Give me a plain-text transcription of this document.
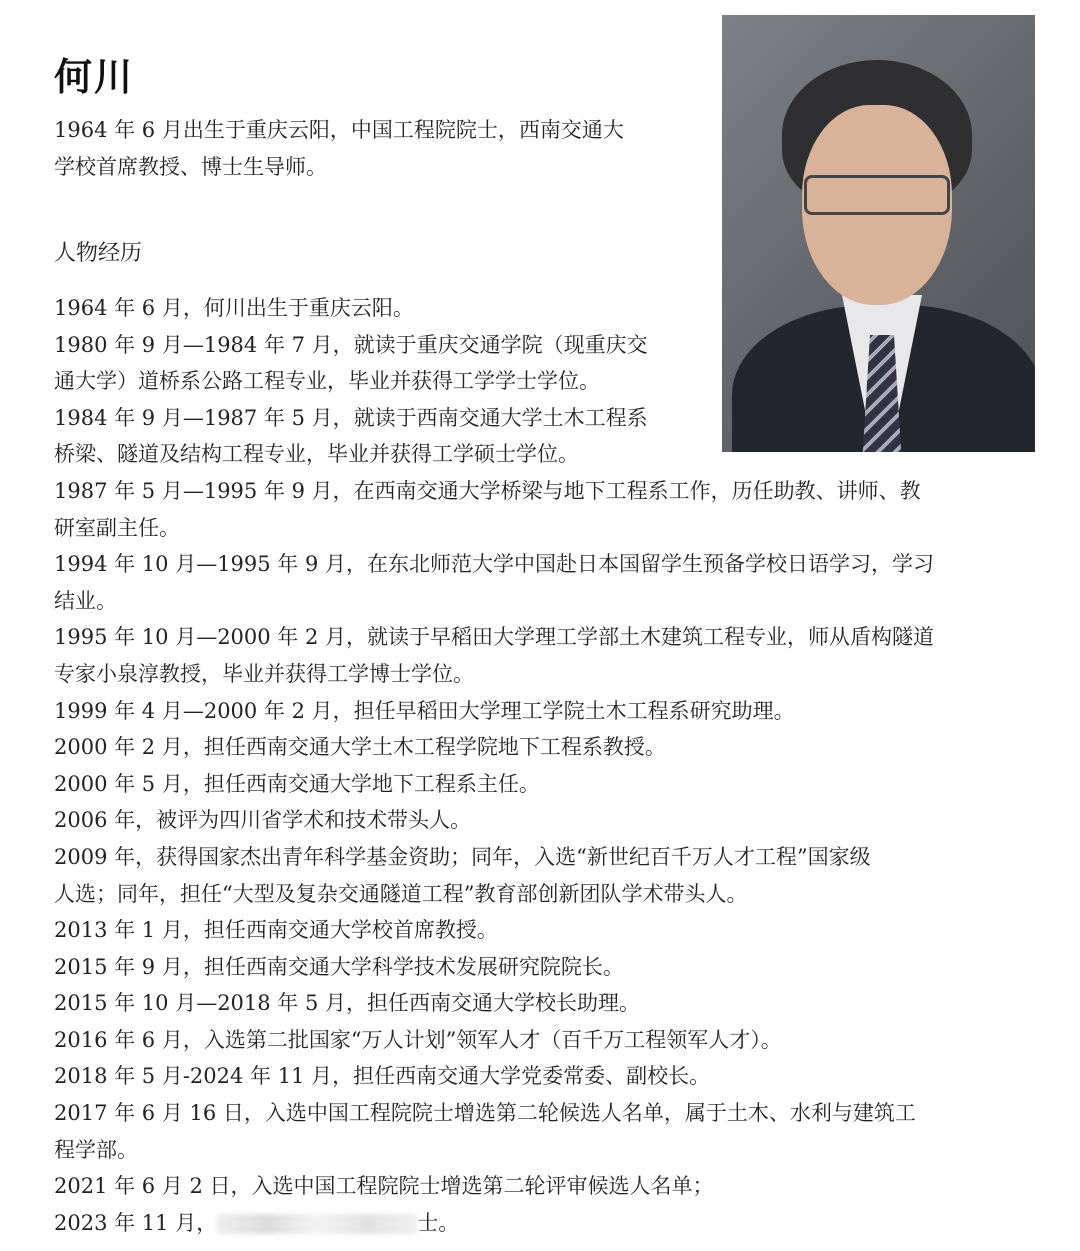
何川
1964 年 6 月出生于重庆云阳，中国工程院院士，西南交通大
学校首席教授、博士生导师。
人物经历
1964 年 6 月，何川出生于重庆云阳。
1980 年 9 月—1984 年 7 月，就读于重庆交通学院（现重庆交
通大学）道桥系公路工程专业，毕业并获得工学学士学位。
1984 年 9 月—1987 年 5 月，就读于西南交通大学土木工程系
桥梁、隧道及结构工程专业，毕业并获得工学硕士学位。
1987 年 5 月—1995 年 9 月，在西南交通大学桥梁与地下工程系工作，历任助教、讲师、教
研室副主任。
1994 年 10 月—1995 年 9 月，在东北师范大学中国赴日本国留学生预备学校日语学习，学习
结业。
1995 年 10 月—2000 年 2 月，就读于早稻田大学理工学部土木建筑工程专业，师从盾构隧道
专家小泉淳教授，毕业并获得工学博士学位。
1999 年 4 月—2000 年 2 月，担任早稻田大学理工学院土木工程系研究助理。
2000 年 2 月，担任西南交通大学土木工程学院地下工程系教授。
2000 年 5 月，担任西南交通大学地下工程系主任。
2006 年，被评为四川省学术和技术带头人。
2009 年，获得国家杰出青年科学基金资助；同年，入选“新世纪百千万人才工程”国家级
人选；同年，担任“大型及复杂交通隧道工程”教育部创新团队学术带头人。
2013 年 1 月，担任西南交通大学校首席教授。
2015 年 9 月，担任西南交通大学科学技术发展研究院院长。
2015 年 10 月—2018 年 5 月，担任西南交通大学校长助理。
2016 年 6 月，入选第二批国家“万人计划”领军人才（百千万工程领军人才）。
2018 年 5 月-2024 年 11 月，担任西南交通大学党委常委、副校长。
2017 年 6 月 16 日，入选中国工程院院士增选第二轮候选人名单，属于土木、水利与建筑工
程学部。
2021 年 6 月 2 日，入选中国工程院院士增选第二轮评审候选人名单；
2023 年 11 月，	士。
